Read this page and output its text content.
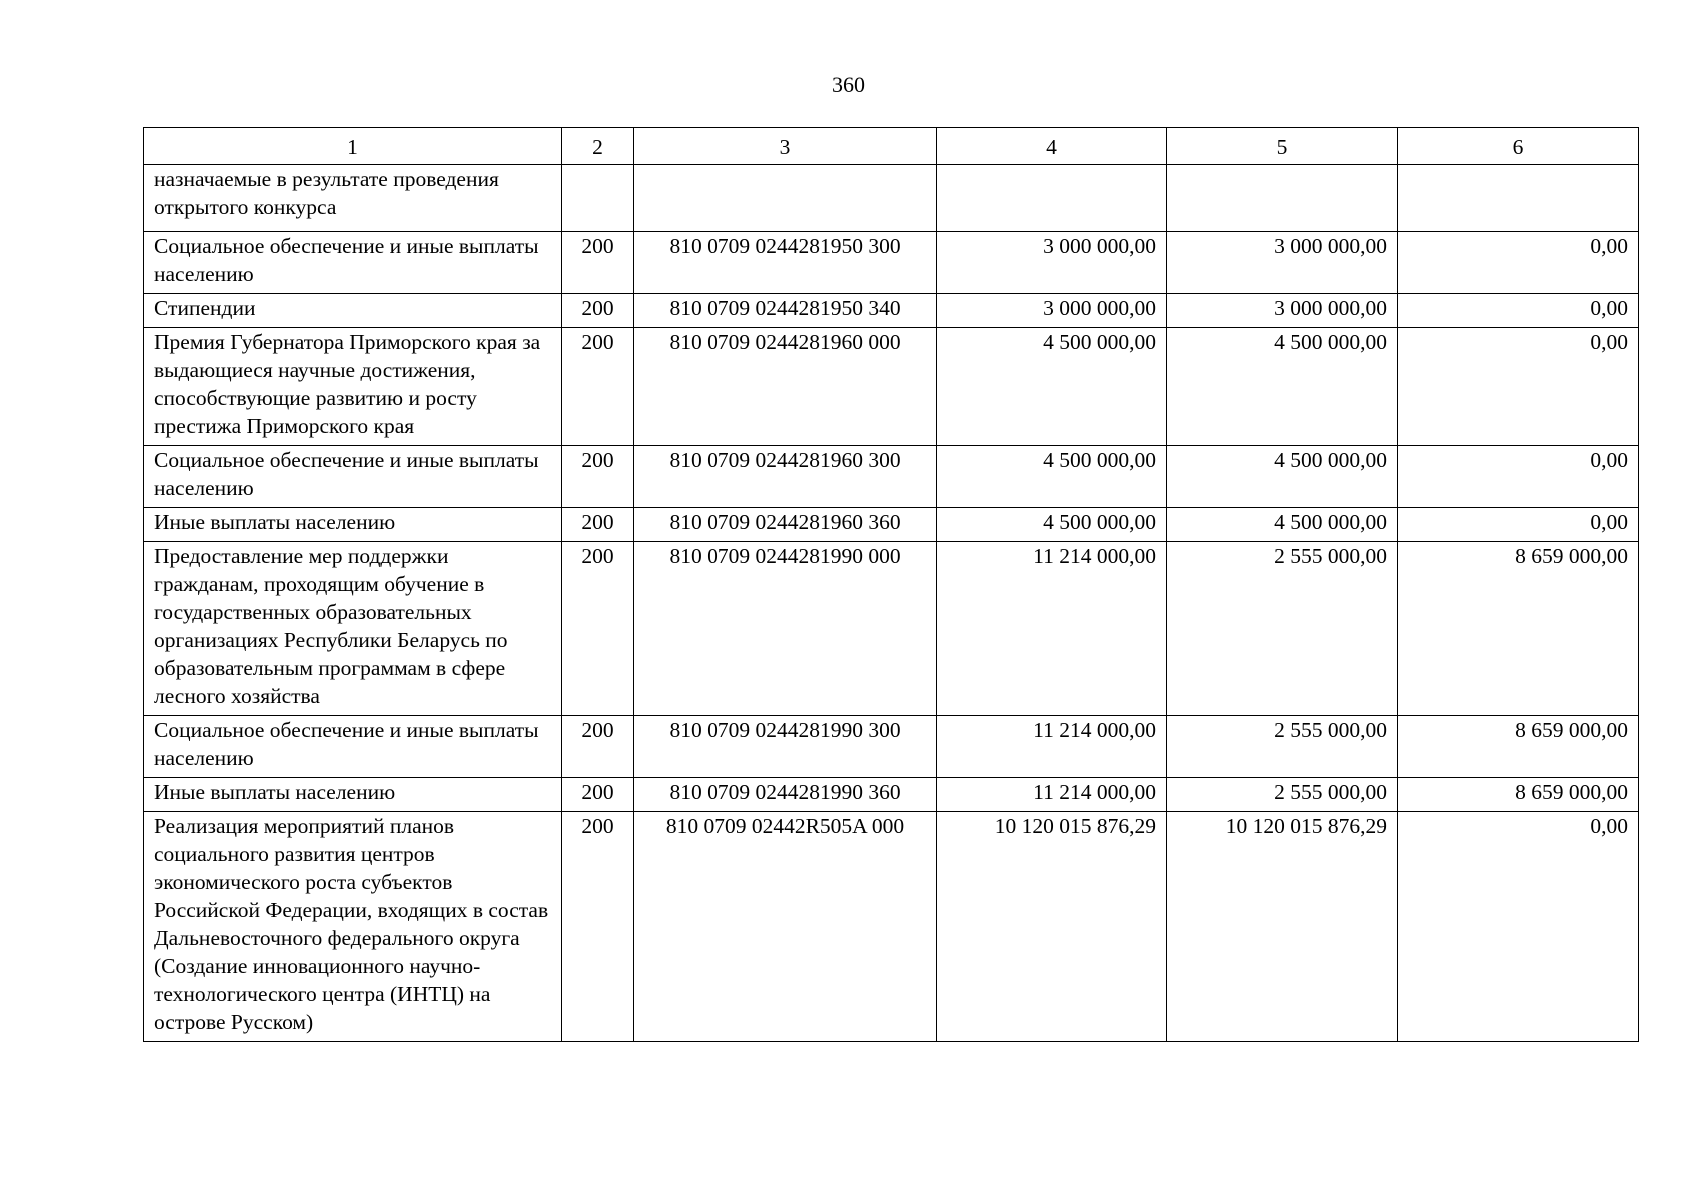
360
1	2	3	4	5	6
назначаемые в результате проведения открытого конкурса					
Социальное обеспечение и иные выплаты населению	200	810 0709 0244281950 300	3 000 000,00	3 000 000,00	0,00
Стипендии	200	810 0709 0244281950 340	3 000 000,00	3 000 000,00	0,00
Премия Губернатора Приморского края за выдающиеся научные достижения, способствующие развитию и росту престижа Приморского края	200	810 0709 0244281960 000	4 500 000,00	4 500 000,00	0,00
Социальное обеспечение и иные выплаты населению	200	810 0709 0244281960 300	4 500 000,00	4 500 000,00	0,00
Иные выплаты населению	200	810 0709 0244281960 360	4 500 000,00	4 500 000,00	0,00
Предоставление мер поддержки гражданам, проходящим обучение в государственных образовательных организациях Республики Беларусь по образовательным программам в сфере лесного хозяйства	200	810 0709 0244281990 000	11 214 000,00	2 555 000,00	8 659 000,00
Социальное обеспечение и иные выплаты населению	200	810 0709 0244281990 300	11 214 000,00	2 555 000,00	8 659 000,00
Иные выплаты населению	200	810 0709 0244281990 360	11 214 000,00	2 555 000,00	8 659 000,00
Реализация мероприятий планов социального развития центров экономического роста субъектов Российской Федерации, входящих в состав Дальневосточного федерального округа (Создание инновационного научно-технологического центра (ИНТЦ) на острове Русском)	200	810 0709 02442R505A 000	10 120 015 876,29	10 120 015 876,29	0,00
